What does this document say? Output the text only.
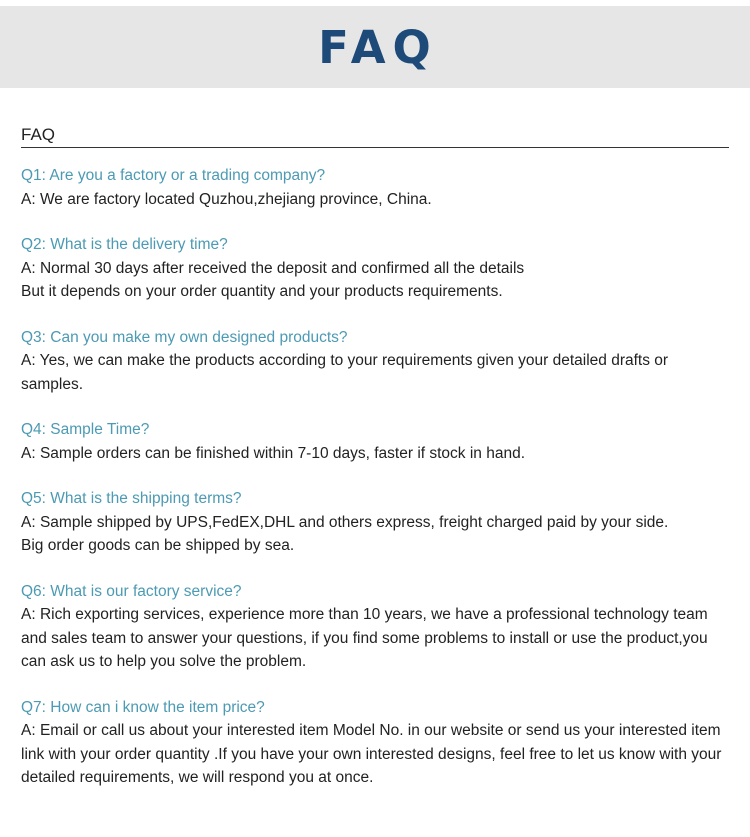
FAQ
FAQ
Q1: Are you a factory or a trading company?
A: We are factory located Quzhou,zhejiang province, China.
Q2: What is the delivery time?
A: Normal 30 days after received the deposit and confirmed all the details
But it depends on your order quantity and your products requirements.
Q3: Can you make my own designed products?
A: Yes, we can make the products according to your requirements given your detailed drafts or
samples.
Q4: Sample Time?
A: Sample orders can be finished within 7-10 days, faster if stock in hand.
Q5: What is the shipping terms?
A: Sample shipped by UPS,FedEX,DHL and others express, freight charged paid by your side.
Big order goods can be shipped by sea.
Q6: What is our factory service?
A: Rich exporting services, experience more than 10 years, we have a professional technology team
and sales team to answer your questions, if you find some problems to install or use the product,you
can ask us to help you solve the problem.
Q7: How can i know the item price?
A: Email or call us about your interested item Model No. in our website or send us your interested item
link with your order quantity .If you have your own interested designs, feel free to let us know with your
detailed requirements, we will respond you at once.
